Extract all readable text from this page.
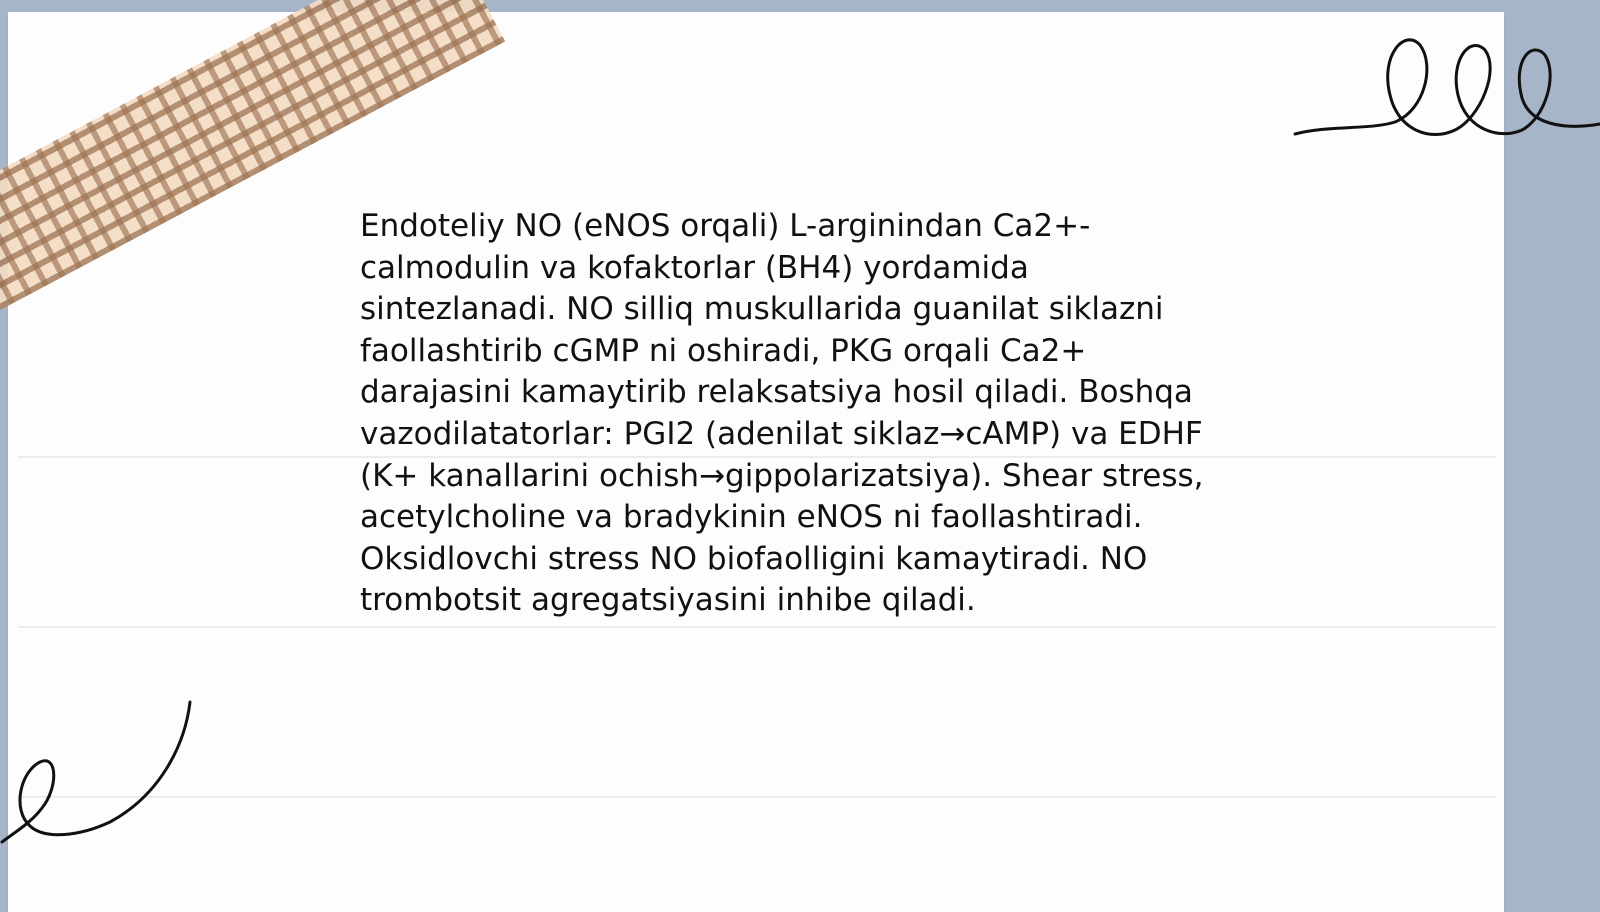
Endoteliy NO (eNOS orqali) L-arginindan Ca2+-
calmodulin va kofaktorlar (BH4) yordamida
sintezlanadi. NO silliq muskullarida guanilat siklazni
faollashtirib cGMP ni oshiradi, PKG orqali Ca2+
darajasini kamaytirib relaksatsiya hosil qiladi. Boshqa
vazodilatatorlar: PGI2 (adenilat siklaz→cAMP) va EDHF
(K+ kanallarini ochish→gippolarizatsiya). Shear stress,
acetylcholine va bradykinin eNOS ni faollashtiradi.
Oksidlovchi stress NO biofaolligini kamaytiradi. NO
trombotsit agregatsiyasini inhibe qiladi.
